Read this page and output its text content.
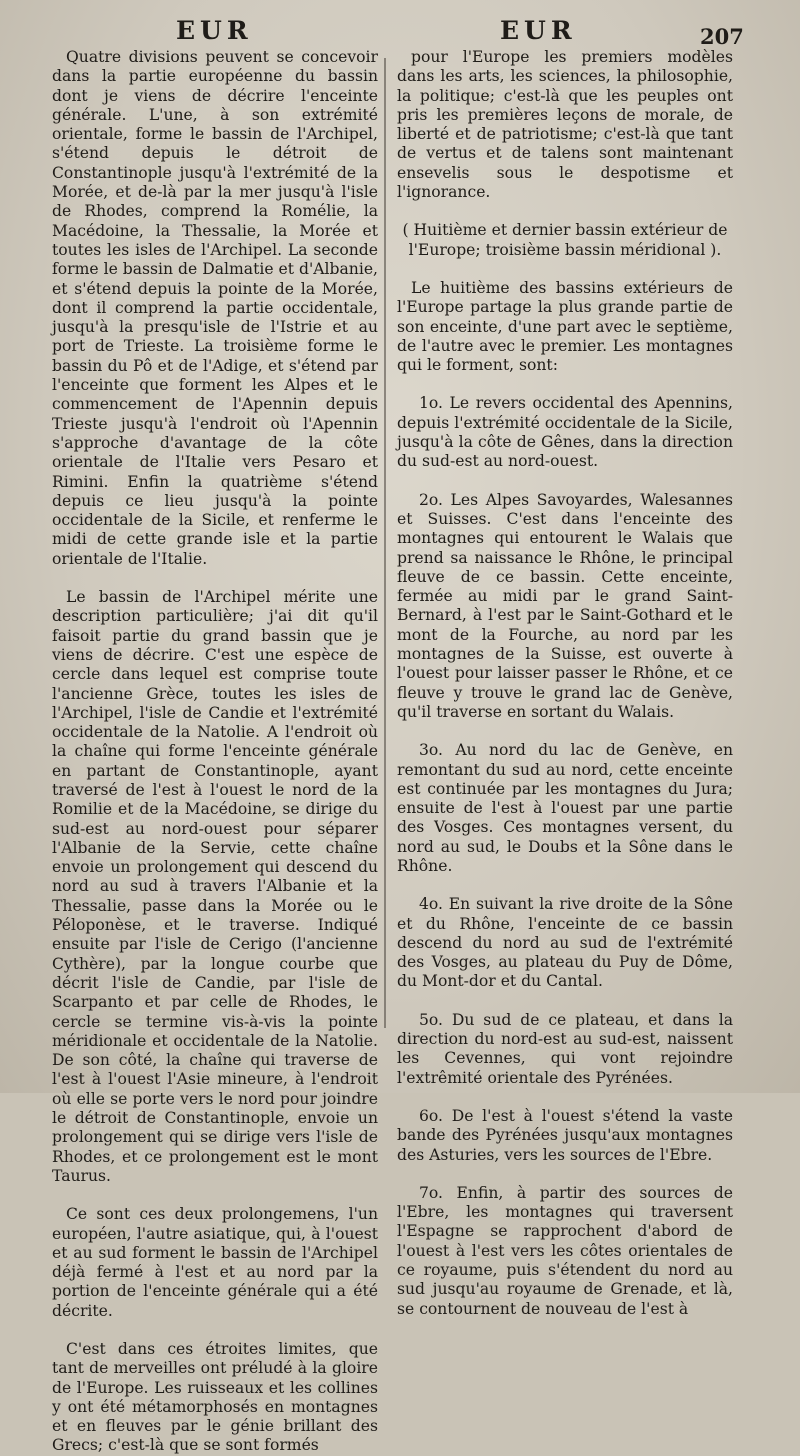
EUR	EUR	207

Quatre divisions peuvent se concevoir dans la partie européenne du bassin dont je viens de décrire l'enceinte générale. L'une, à son extrémité orientale, forme le bassin de l'Archipel, s'étend depuis le détroit de Constantinople jusqu'à l'extrémité de la Morée, et de-là par la mer jusqu'à l'isle de Rhodes, comprend la Romélie, la Macédoine, la Thessalie, la Morée et toutes les isles de l'Archipel. La seconde forme le bassin de Dalmatie et d'Albanie, et s'étend depuis la pointe de la Morée, dont il comprend la partie occidentale, jusqu'à la presqu'isle de l'Istrie et au port de Trieste. La troisième forme le bassin du Pô et de l'Adige, et s'étend par l'enceinte que forment les Alpes et le commencement de l'Apennin depuis Trieste jusqu'à l'endroit où l'Apennin s'approche d'avantage de la côte orientale de l'Italie vers Pesaro et Rimini. Enfin la quatrième s'étend depuis ce lieu jusqu'à la pointe occidentale de la Sicile, et renferme le midi de cette grande isle et la partie orientale de l'Italie.

Le bassin de l'Archipel mérite une description particulière; j'ai dit qu'il faisoit partie du grand bassin que je viens de décrire. C'est une espèce de cercle dans lequel est comprise toute l'ancienne Grèce, toutes les isles de l'Archipel, l'isle de Candie et l'extrémité occidentale de la Natolie. A l'endroit où la chaîne qui forme l'enceinte générale en partant de Constantinople, ayant traversé de l'est à l'ouest le nord de la Romilie et de la Macédoine, se dirige du sud-est au nord-ouest pour séparer l'Albanie de la Servie, cette chaîne envoie un prolongement qui descend du nord au sud à travers l'Albanie et la Thessalie, passe dans la Morée ou le Péloponèse, et le traverse. Indiqué ensuite par l'isle de Cerigo (l'ancienne Cythère), par la longue courbe que décrit l'isle de Candie, par l'isle de Scarpanto et par celle de Rhodes, le cercle se termine vis-à-vis la pointe méridionale et occidentale de la Natolie. De son côté, la chaîne qui traverse de l'est à l'ouest l'Asie mineure, à l'endroit où elle se porte vers le nord pour joindre le détroit de Constantinople, envoie un prolongement qui se dirige vers l'isle de Rhodes, et ce prolongement est le mont Taurus.

Ce sont ces deux prolongemens, l'un européen, l'autre asiatique, qui, à l'ouest et au sud forment le bassin de l'Archipel déjà fermé à l'est et au nord par la portion de l'enceinte générale qui a été décrite.

C'est dans ces étroites limites, que tant de merveilles ont préludé à la gloire de l'Europe. Les ruisseaux et les collines y ont été métamorphosés en montagnes et en fleuves par le génie brillant des Grecs; c'est-là que se sont formés

pour l'Europe les premiers modèles dans les arts, les sciences, la philosophie, la politique; c'est-là que les peuples ont pris les premières leçons de morale, de liberté et de patriotisme; c'est-là que tant de vertus et de talens sont maintenant ensevelis sous le despotisme et l'ignorance.

( Huitième et dernier bassin extérieur de l'Europe; troisième bassin méridional ).

Le huitième des bassins extérieurs de l'Europe partage la plus grande partie de son enceinte, d'une part avec le septième, de l'autre avec le premier. Les montagnes qui le forment, sont:

1o. Le revers occidental des Apennins, depuis l'extrémité occidentale de la Sicile, jusqu'à la côte de Gênes, dans la direction du sud-est au nord-ouest.

2o. Les Alpes Savoyardes, Walesannes et Suisses. C'est dans l'enceinte des montagnes qui entourent le Walais que prend sa naissance le Rhône, le principal fleuve de ce bassin. Cette enceinte, fermée au midi par le grand Saint-Bernard, à l'est par le Saint-Gothard et le mont de la Fourche, au nord par les montagnes de la Suisse, est ouverte à l'ouest pour laisser passer le Rhône, et ce fleuve y trouve le grand lac de Genève, qu'il traverse en sortant du Walais.

3o. Au nord du lac de Genève, en remontant du sud au nord, cette enceinte est continuée par les montagnes du Jura; ensuite de l'est à l'ouest par une partie des Vosges. Ces montagnes versent, du nord au sud, le Doubs et la Sône dans le Rhône.

4o. En suivant la rive droite de la Sône et du Rhône, l'enceinte de ce bassin descend du nord au sud de l'extrémité des Vosges, au plateau du Puy de Dôme, du Mont-dor et du Cantal.

5o. Du sud de ce plateau, et dans la direction du nord-est au sud-est, naissent les Cevennes, qui vont rejoindre l'extrêmité orientale des Pyrénées.

6o. De l'est à l'ouest s'étend la vaste bande des Pyrénées jusqu'aux montagnes des Asturies, vers les sources de l'Ebre.

7o. Enfin, à partir des sources de l'Ebre, les montagnes qui traversent l'Espagne se rapprochent d'abord de l'ouest à l'est vers les côtes orientales de ce royaume, puis s'étendent du nord au sud jusqu'au royaume de Grenade, et là, se contournent de nouveau de l'est à
